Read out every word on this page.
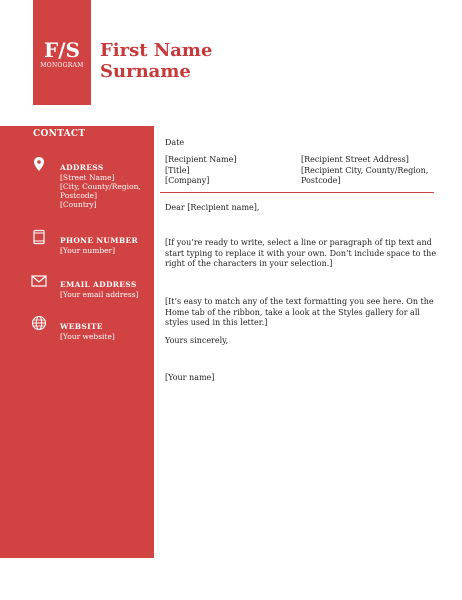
F/S
MONOGRAM
First Name
Surname
CONTACT
ADDRESS
[Street Name]
[City, County/Region,
Postcode]
[Country]
PHONE NUMBER
[Your number]
EMAIL ADDRESS
[Your email address]
WEBSITE
[Your website]
Date
[Recipient Name]
[Title]
[Company]
[Recipient Street Address]
[Recipient City, County/Region,
Postcode]
Dear [Recipient name],
[If you’re ready to write, select a line or paragraph of tip text and start typing to replace it with your own. Don’t include space to the right of the characters in your selection.]
[It’s easy to match any of the text formatting you see here. On the Home tab of the ribbon, take a look at the Styles gallery for all styles used in this letter.]
Yours sincerely,
[Your name]
